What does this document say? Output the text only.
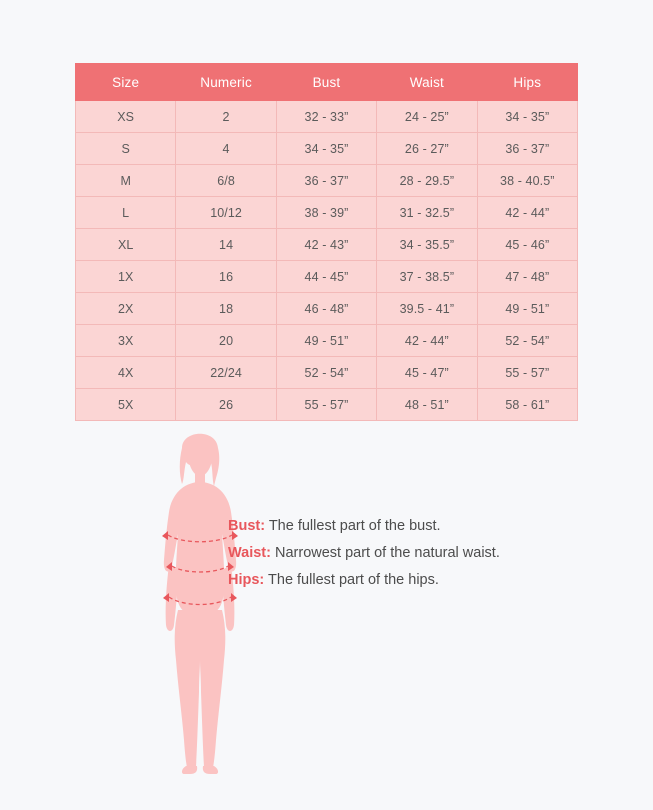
Size	Numeric	Bust	Waist	Hips
XS	2	32 - 33”	24 - 25”	34 - 35”
S	4	34 - 35”	26 - 27”	36 - 37”
M	6/8	36 - 37”	28 - 29.5”	38 - 40.5”
L	10/12	38 - 39”	31 - 32.5”	42 - 44”
XL	14	42 - 43”	34 - 35.5”	45 - 46”
1X	16	44 - 45”	37 - 38.5”	47 - 48”
2X	18	46 - 48”	39.5 - 41”	49 - 51”
3X	20	49 - 51”	42 - 44”	52 - 54”
4X	22/24	52 - 54”	45 - 47”	55 - 57”
5X	26	55 - 57”	48 - 51”	58 - 61”
Bust: The fullest part of the bust.
Waist: Narrowest part of the natural waist.
Hips: The fullest part of the hips.
